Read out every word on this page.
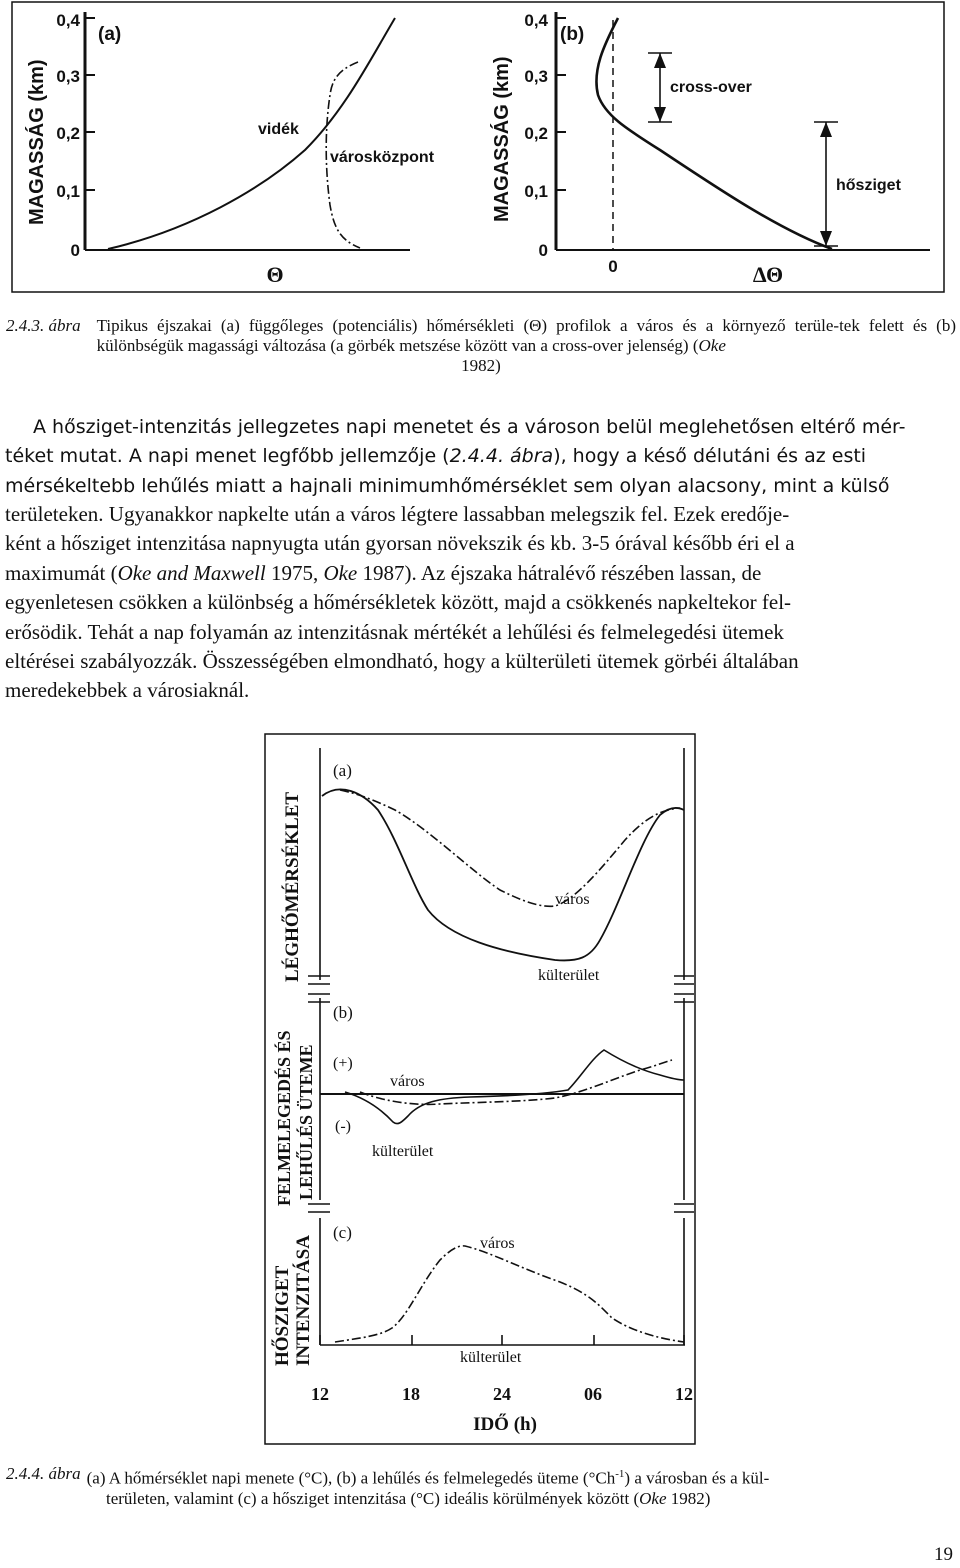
0,4
0,3
0,2
0,1
0
MAGASSÁG (km)
(a)
Θ
vidék
városközpont
0,4
0,3
0,2
0,1
0
MAGASSÁG (km)
(b)
0	ΔΘ
cross-over
hősziget
2.4.3. ábra Tipikus éjszakai (a) függőleges (potenciális) hőmérsékleti (Θ) profilok a város és a környező terüle-tek felett és (b) különbségük magassági változása (a görbék metszése között van a cross-over jelenség) (Oke
1982)

A hősziget-intenzitás jellegzetes napi menetet és a városon belül meglehetősen eltérő mér-

téket mutat. A napi menet legfőbb jellemzője (2.4.4. ábra), hogy a késő délutáni és az esti

mérsékeltebb lehűlés miatt a hajnali minimumhőmérséklet sem olyan alacsony, mint a külső

területeken. Ugyanakkor napkelte után a város légtere lassabban melegszik fel. Ezek eredője-

ként a hősziget intenzitása napnyugta után gyorsan növekszik és kb. 3-5 órával később éri el a

maximumát (Oke and Maxwell 1975, Oke 1987). Az éjszaka hátralévő részében lassan, de

egyenletesen csökken a különbség a hőmérsékletek között, majd a csökkenés napkeltekor fel-

erősödik. Tehát a nap folyamán az intenzitásnak mértékét a lehűlési és felmelegedési ütemek

eltérései szabályozzák. Összességében elmondható, hogy a külterületi ütemek görbéi általában

meredekebbek a városiaknál.

(a)
LÉGHŐMÉRSÉKLET	város
külterület
(b)
FELMELEGEDÉS ÉS LEHŰLÉS ÜTEME (+)
(-)
város
külterület
(c)
HŐSZIGET INTENZITÁSA	város
külterület
12	18	24	06	12
IDŐ (h)
2.4.4. ábra (a) A hőmérséklet napi menete (°C), (b) a lehűlés és felmelegedés üteme $(^\circ Ch^{-1})$ a városban és a kül-
területen, valamint (c) a hősziget intenzitása (°C) ideális körülmények között (Oke 1982)
19
